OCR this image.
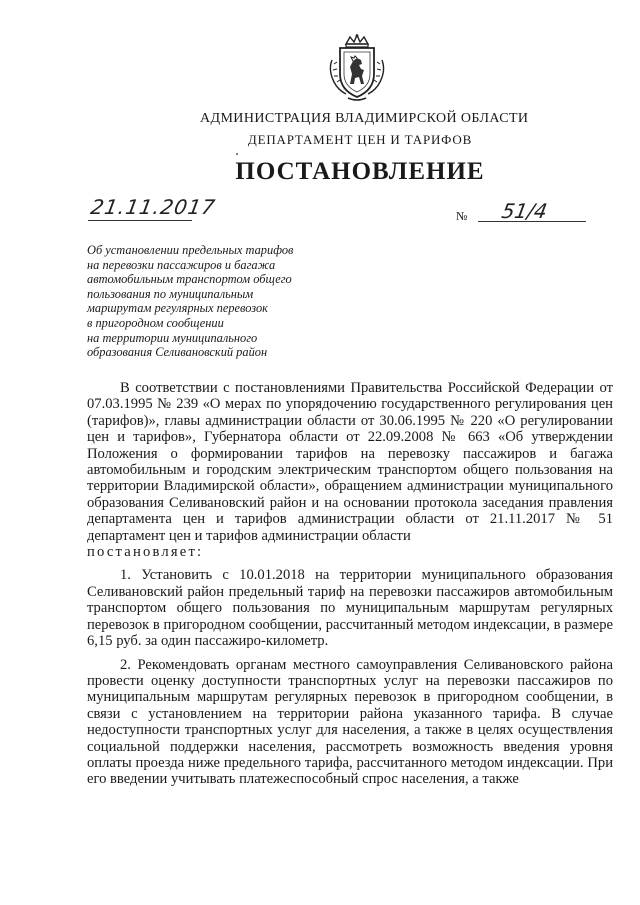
АДМИНИСТРАЦИЯ ВЛАДИМИРСКОЙ ОБЛАСТИ
ДЕПАРТАМЕНТ ЦЕН И ТАРИФОВ
ПОСТАНОВЛЕНИЕ
21.11.2017	№ 51/4
Об установлении предельных тарифов
на перевозки пассажиров и багажа
автомобильным транспортом общего
пользования по муниципальным
маршрутам регулярных перевозок
в пригородном сообщении
на территории муниципального
образования Селивановский район

В соответствии с постановлениями Правительства Российской Федерации от 07.03.1995 № 239 «О мерах по упорядочению государственного регулирования цен (тарифов)», главы администрации области от 30.06.1995 № 220 «О регулировании цен и тарифов», Губернатора области от 22.09.2008 № 663 «Об утверждении Положения о формировании тарифов на перевозку пассажиров и багажа автомобильным и городским электрическим транспортом общего пользования на территории Владимирской области», обращением администрации муниципального образования Селивановский район и на основании протокола заседания правления департамента цен и тарифов администрации области от 21.11.2017 № 51 департамент цен и тарифов администрации области

постановляет:

1. Установить с 10.01.2018 на территории муниципального образования Селивановский район предельный тариф на перевозки пассажиров автомобильным транспортом общего пользования по муниципальным маршрутам регулярных перевозок в пригородном сообщении, рассчитанный методом индексации, в размере 6,15 руб. за один пассажиро-километр.

2. Рекомендовать органам местного самоуправления Селивановского района провести оценку доступности транспортных услуг на перевозки пассажиров по муниципальным маршрутам регулярных перевозок в пригородном сообщении, в связи с установлением на территории района указанного тарифа. В случае недоступности транспортных услуг для населения, а также в целях осуществления социальной поддержки населения, рассмотреть возможность введения уровня оплаты проезда ниже предельного тарифа, рассчитанного методом индексации. При его введении учитывать платежеспособный спрос населения, а также
